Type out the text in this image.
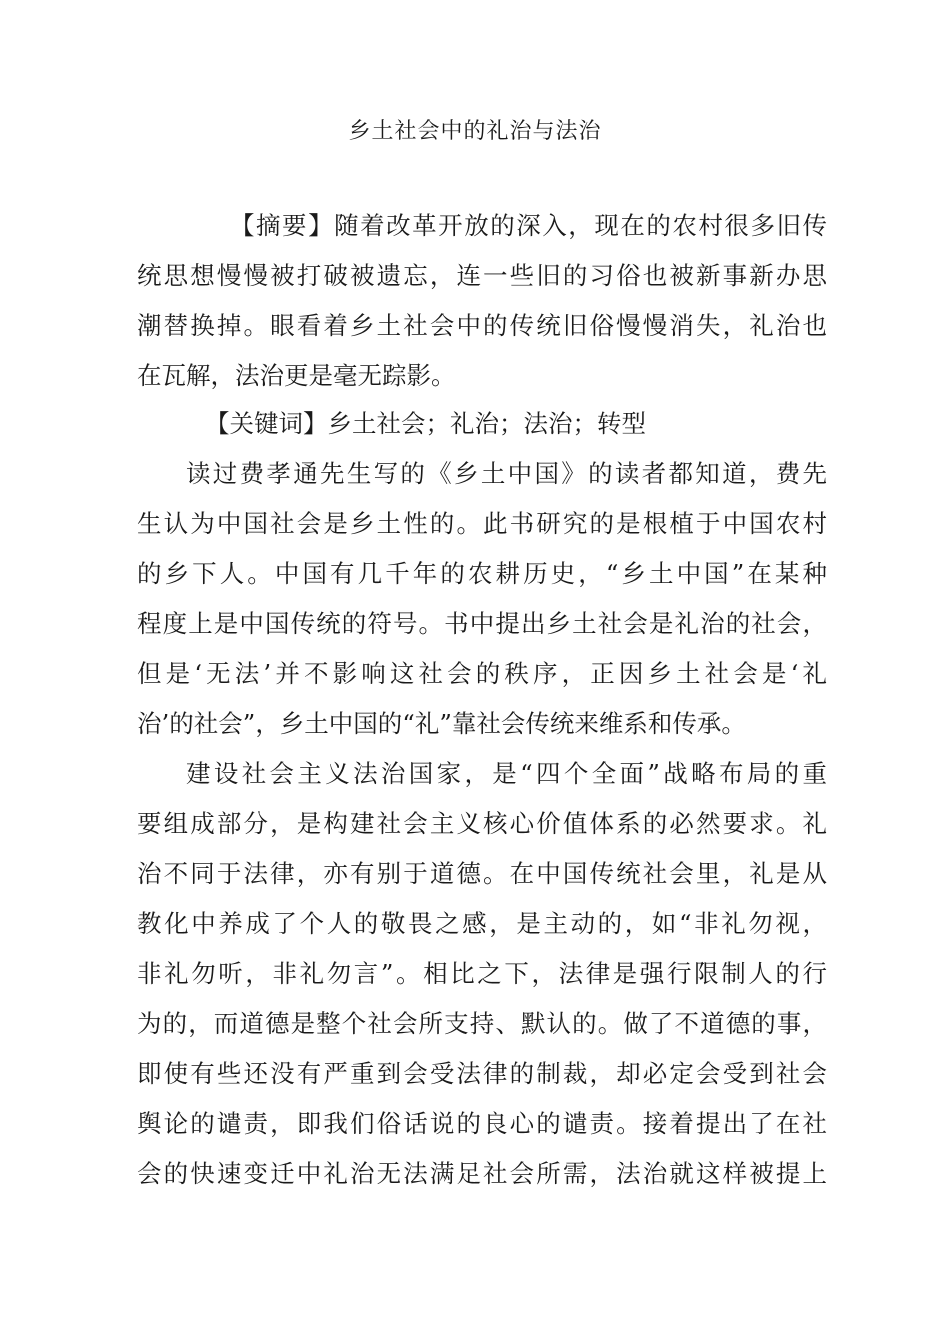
乡土社会中的礼治与法治
【摘要】随着改革开放的深入，现在的农村很多旧传
统思想慢慢被打破被遗忘，连一些旧的习俗也被新事新办思
潮替换掉。眼看着乡土社会中的传统旧俗慢慢消失，礼治也
在瓦解，法治更是毫无踪影。
【关键词】乡土社会；礼治；法治；转型
读过费孝通先生写的《乡土中国》的读者都知道，费先
生认为中国社会是乡土性的。此书研究的是根植于中国农村
的乡下人。中国有几千年的农耕历史，“乡土中国”在某种
程度上是中国传统的符号。书中提出乡土社会是礼治的社会，
但是‘无法’并不影响这社会的秩序，正因乡土社会是‘礼
治’的社会”，乡土中国的“礼”靠社会传统来维系和传承。
建设社会主义法治国家，是“四个全面”战略布局的重
要组成部分，是构建社会主义核心价值体系的必然要求。礼
治不同于法律，亦有别于道德。在中国传统社会里，礼是从
教化中养成了个人的敬畏之感，是主动的，如“非礼勿视，
非礼勿听，非礼勿言”。相比之下，法律是强行限制人的行
为的，而道德是整个社会所支持、默认的。做了不道德的事，
即使有些还没有严重到会受法律的制裁，却必定会受到社会
舆论的谴责，即我们俗话说的良心的谴责。接着提出了在社
会的快速变迁中礼治无法满足社会所需，法治就这样被提上
